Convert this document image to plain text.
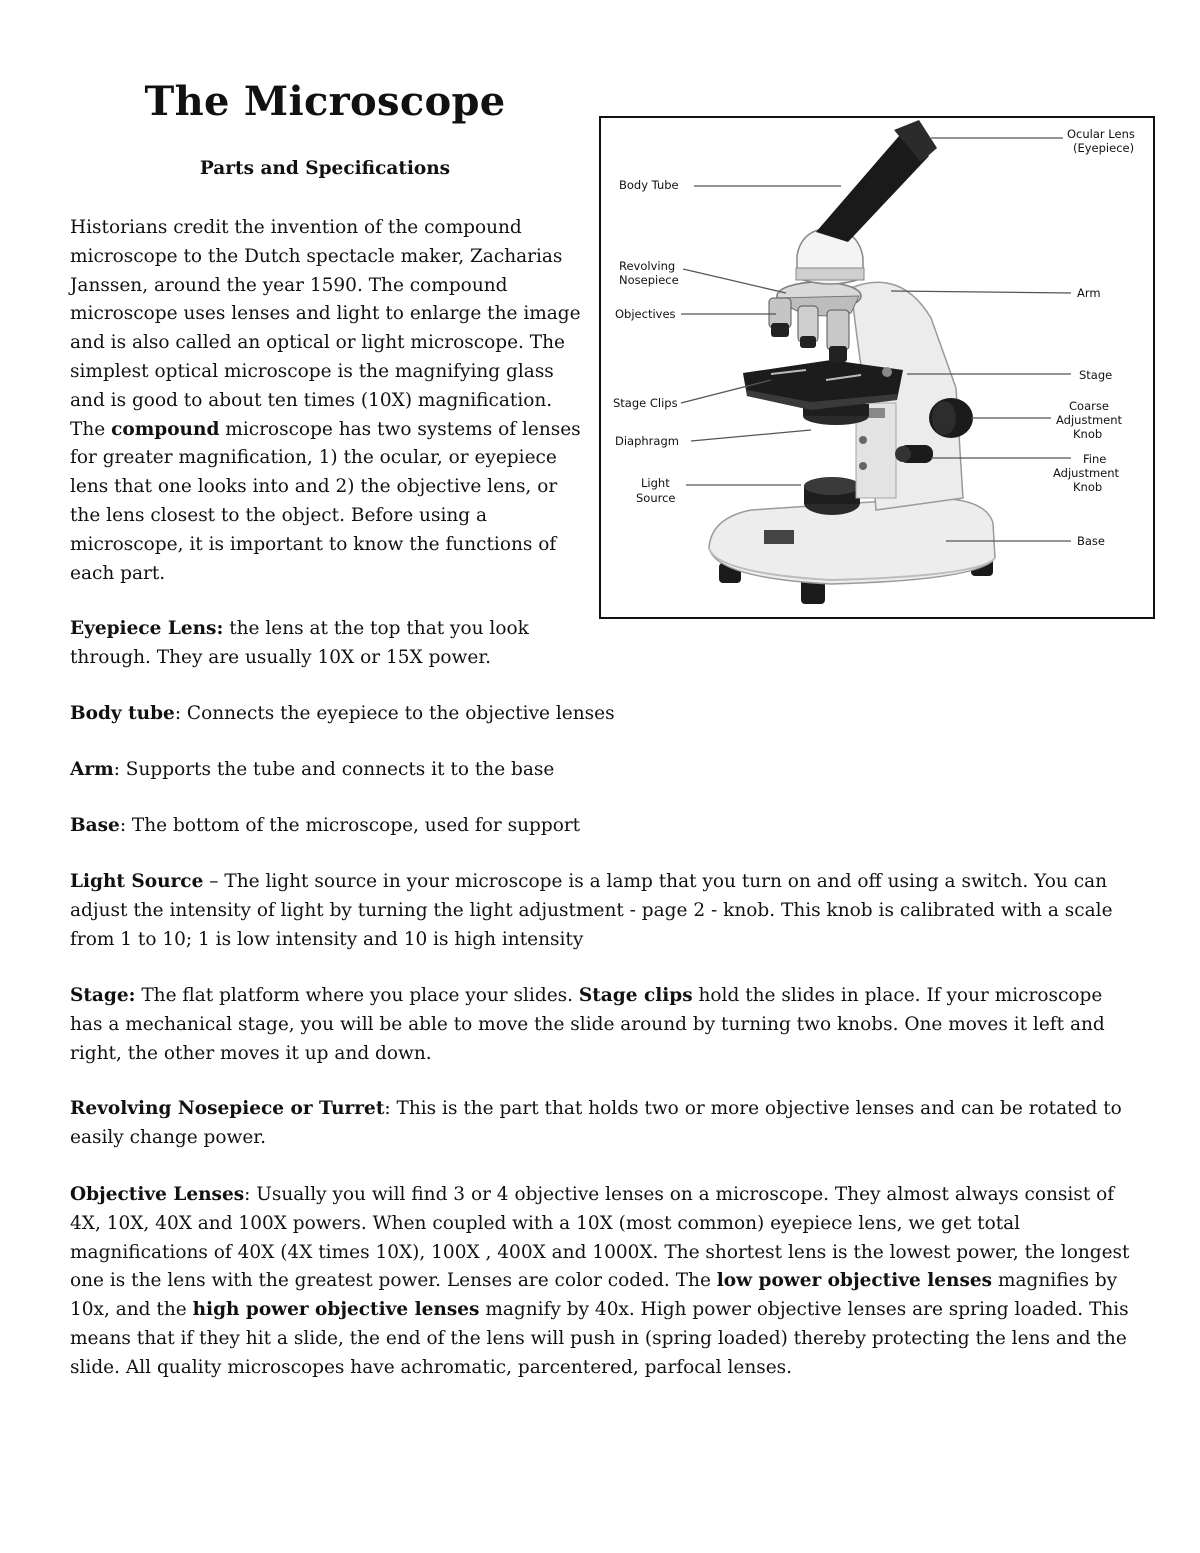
The Microscope
Parts and Specifications

Historians credit the invention of the compound microscope to the Dutch spectacle maker, Zacharias Janssen, around the year 1590. The compound microscope uses lenses and light to enlarge the image and is also called an optical or light microscope. The simplest optical microscope is the magnifying glass and is good to about ten times (10X) magnification. The compound microscope has two systems of lenses for greater magnification, 1) the ocular, or eyepiece lens that one looks into and 2) the objective lens, or the lens closest to the object. Before using a microscope, it is important to know the functions of each part.

Ocular Lens
(Eyepiece)
Body Tube
Revolving
Nosepiece
Objectives
Stage Clips
Diaphragm
Light
Source
Arm
Stage
Coarse
Adjustment
Knob
Fine
Adjustment
Knob
Base

Eyepiece Lens: the lens at the top that you look through. They are usually 10X or 15X power.

Body tube: Connects the eyepiece to the objective lenses

Arm: Supports the tube and connects it to the base

Base: The bottom of the microscope, used for support

Light Source – The light source in your microscope is a lamp that you turn on and off using a switch. You can adjust the intensity of light by turning the light adjustment - page 2 - knob. This knob is calibrated with a scale from 1 to 10; 1 is low intensity and 10 is high intensity

Stage: The flat platform where you place your slides. Stage clips hold the slides in place. If your microscope has a mechanical stage, you will be able to move the slide around by turning two knobs. One moves it left and right, the other moves it up and down.

Revolving Nosepiece or Turret: This is the part that holds two or more objective lenses and can be rotated to easily change power.

Objective Lenses: Usually you will find 3 or 4 objective lenses on a microscope. They almost always consist of 4X, 10X, 40X and 100X powers. When coupled with a 10X (most common) eyepiece lens, we get total magnifications of 40X (4X times 10X), 100X , 400X and 1000X. The shortest lens is the lowest power, the longest one is the lens with the greatest power. Lenses are color coded. The low power objective lenses magnifies by 10x, and the high power objective lenses magnify by 40x. High power objective lenses are spring loaded. This means that if they hit a slide, the end of the lens will push in (spring loaded) thereby protecting the lens and the slide. All quality microscopes have achromatic, parcentered, parfocal lenses.
